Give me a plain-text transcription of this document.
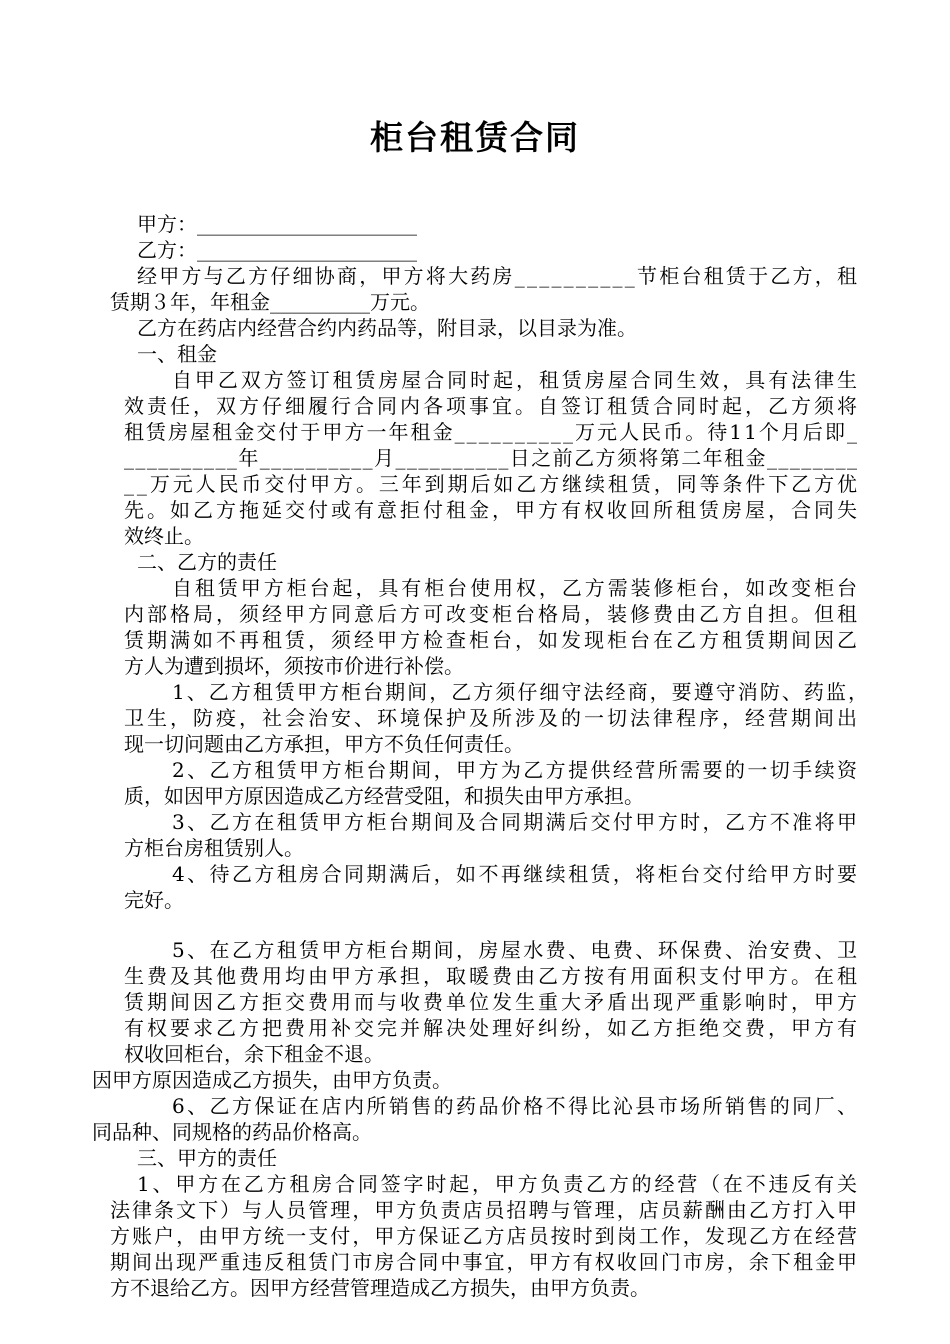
柜台租赁合同
甲方：______________________
乙方：______________________
经甲方与乙方仔细协商，甲方将大药房__________节柜台租赁于乙方，租
赁期３年，年租金__________万元。
乙方在药店内经营合约内药品等，附目录，以目录为准。
一、租金
自甲乙双方签订租赁房屋合同时起，租赁房屋合同生效，具有法律生
效责任，双方仔细履行合同内各项事宜。自签订租赁合同时起，乙方须将
租赁房屋租金交付于甲方一年租金__________万元人民币。待11个月后即_
__________年__________月__________日之前乙方须将第二年租金________
__万元人民币交付甲方。三年到期后如乙方继续租赁，同等条件下乙方优
先。如乙方拖延交付或有意拒付租金，甲方有权收回所租赁房屋，合同失
效终止。
二、乙方的责任
自租赁甲方柜台起，具有柜台使用权，乙方需装修柜台，如改变柜台
内部格局，须经甲方同意后方可改变柜台格局，装修费由乙方自担。但租
赁期满如不再租赁，须经甲方检查柜台，如发现柜台在乙方租赁期间因乙
方人为遭到损坏，须按市价进行补偿。
1、乙方租赁甲方柜台期间，乙方须仔细守法经商，要遵守消防、药监，
卫生，防疫，社会治安、环境保护及所涉及的一切法律程序，经营期间出
现一切问题由乙方承担，甲方不负任何责任。
2、乙方租赁甲方柜台期间，甲方为乙方提供经营所需要的一切手续资
质，如因甲方原因造成乙方经营受阻，和损失由甲方承担。
3、乙方在租赁甲方柜台期间及合同期满后交付甲方时，乙方不准将甲
方柜台房租赁别人。
4、待乙方租房合同期满后，如不再继续租赁，将柜台交付给甲方时要
完好。
5、在乙方租赁甲方柜台期间，房屋水费、电费、环保费、治安费、卫
生费及其他费用均由甲方承担，取暖费由乙方按有用面积支付甲方。在租
赁期间因乙方拒交费用而与收费单位发生重大矛盾出现严重影响时，甲方
有权要求乙方把费用补交完并解决处理好纠纷，如乙方拒绝交费，甲方有
权收回柜台，余下租金不退。
因甲方原因造成乙方损失，由甲方负责。
6、乙方保证在店内所销售的药品价格不得比沁县市场所销售的同厂、
同品种、同规格的药品价格高。
三、甲方的责任
1、甲方在乙方租房合同签字时起，甲方负责乙方的经营（在不违反有关
法律条文下）与人员管理，甲方负责店员招聘与管理，店员薪酬由乙方打入甲
方账户，由甲方统一支付，甲方保证乙方店员按时到岗工作，发现乙方在经营
期间出现严重违反租赁门市房合同中事宜，甲方有权收回门市房，余下租金甲
方不退给乙方。因甲方经营管理造成乙方损失，由甲方负责。
